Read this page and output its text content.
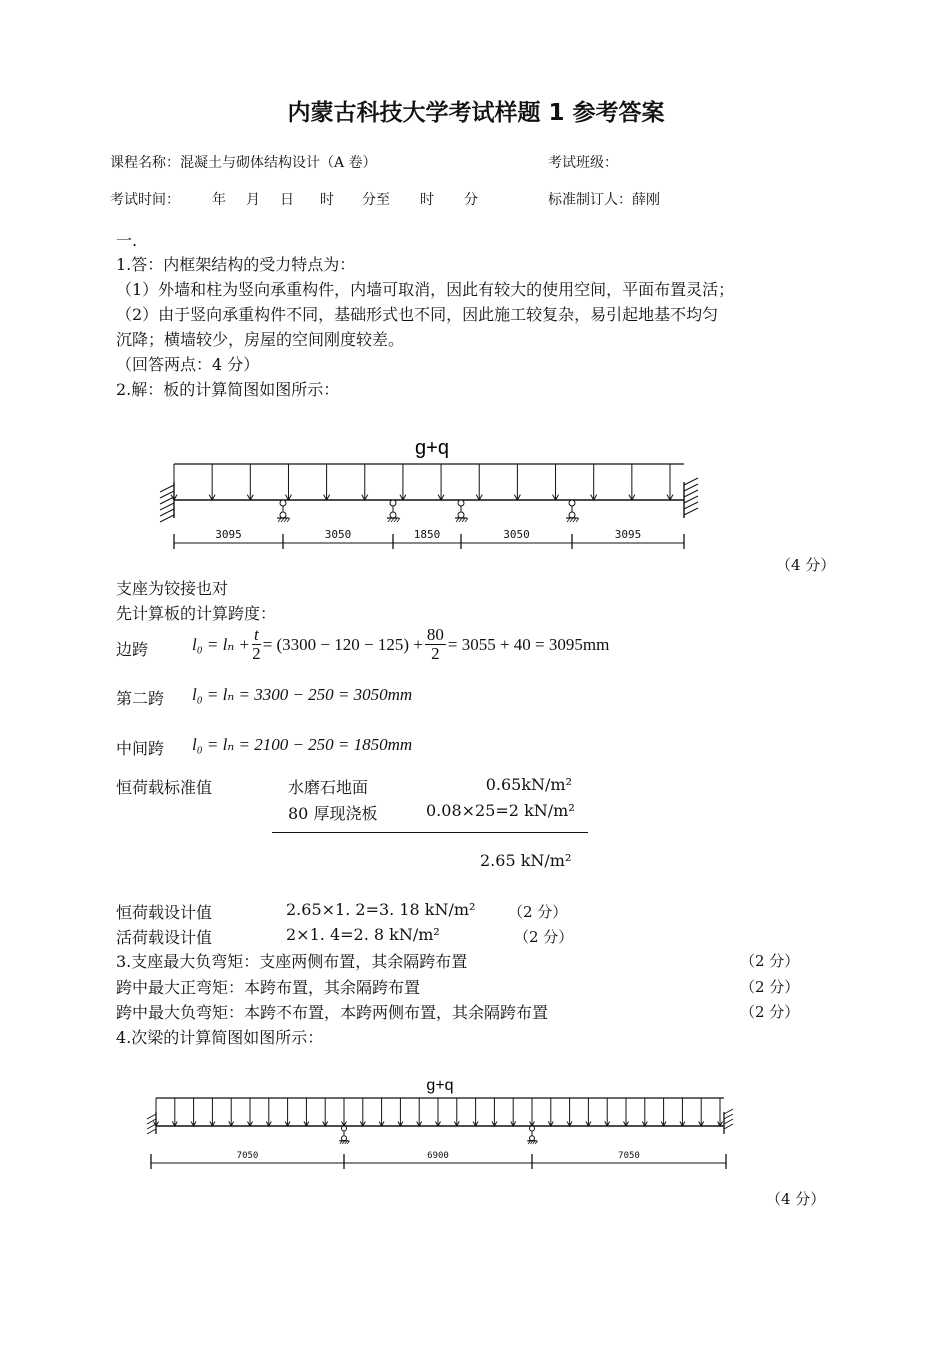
内蒙古科技大学考试样题 1 参考答案
课程名称：混凝土与砌体结构设计（A 卷）	考试班级：
考试时间： 年 月 日 时 分至 时 分	标准制订人：薛刚
一.
1.答：内框架结构的受力特点为：
（1）外墙和柱为竖向承重构件，内墙可取消，因此有较大的使用空间，平面布置灵活；
（2）由于竖向承重构件不同，基础形式也不同，因此施工较复杂，易引起地基不均匀
沉降；横墙较少，房屋的空间刚度较差。
（回答两点：4 分）
2.解：板的计算简图如图所示：
g+q
3095	3050	1850	3050	3095
（4 分）
支座为铰接也对
先计算板的计算跨度：
边跨	$l_0 = l_n + \frac{t}{2} = (3300 - 120 - 125) + \frac{80}{2} = 3055 + 40 = 3095mm$
第二跨 l₀ = lₙ = 3300 − 250 = 3050mm
中间跨 l₀ = lₙ = 2100 − 250 = 1850mm
恒荷载标准值	水磨石地面	0.65kN/m²
80 厚现浇板	0.08×25=2 kN/m²
2.65 kN/m²
恒荷载设计值	2.65×1. 2=3. 18 kN/m² （2 分）
活荷载设计值	2×1. 4=2. 8 kN/m²	（2 分）
3.支座最大负弯矩：支座两侧布置，其余隔跨布置	（2 分）
跨中最大正弯矩：本跨布置，其余隔跨布置	（2 分）
跨中最大负弯矩：本跨不布置，本跨两侧布置，其余隔跨布置	（2 分）
4.次梁的计算简图如图所示：
g+q
7050	6900	7050
（4 分）
